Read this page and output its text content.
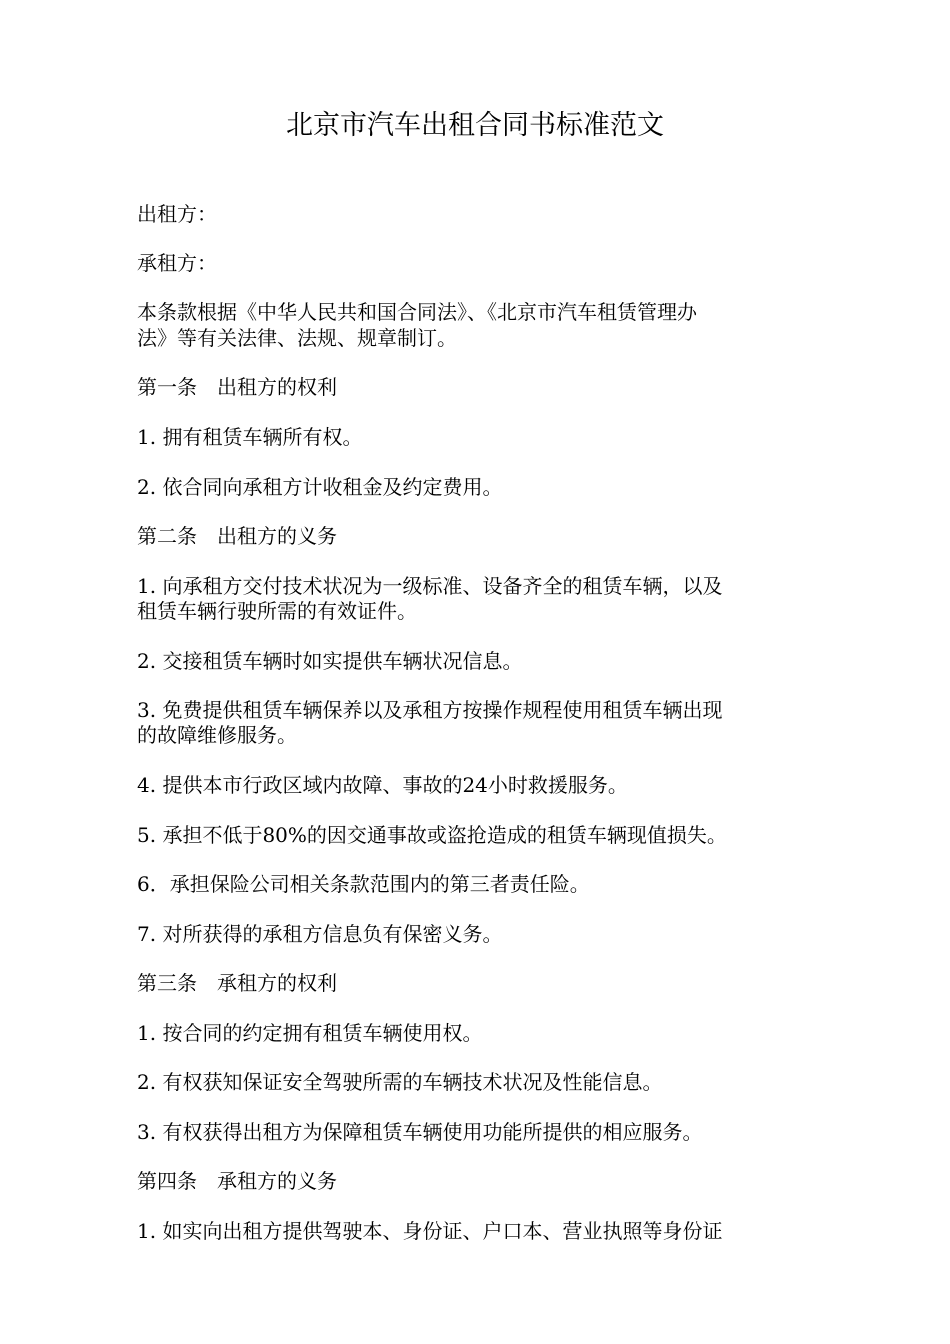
北京市汽车出租合同书标准范文
出租方：
承租方：
本条款根据《中华人民共和国合同法》、《北京市汽车租赁管理办
法》等有关法律、法规、规章制订。
第一条　出租方的权利
1. 拥有租赁车辆所有权。
2. 依合同向承租方计收租金及约定费用。
第二条　出租方的义务
1. 向承租方交付技术状况为一级标准、设备齐全的租赁车辆，以及
租赁车辆行驶所需的有效证件。
2. 交接租赁车辆时如实提供车辆状况信息。
3. 免费提供租赁车辆保养以及承租方按操作规程使用租赁车辆出现
的故障维修服务。
4. 提供本市行政区域内故障、事故的24小时救援服务。
5. 承担不低于80%的因交通事故或盗抢造成的租赁车辆现值损失。
6．承担保险公司相关条款范围内的第三者责任险。
7. 对所获得的承租方信息负有保密义务。
第三条　承租方的权利
1. 按合同的约定拥有租赁车辆使用权。
2. 有权获知保证安全驾驶所需的车辆技术状况及性能信息。
3. 有权获得出租方为保障租赁车辆使用功能所提供的相应服务。
第四条　承租方的义务
1. 如实向出租方提供驾驶本、身份证、户口本、营业执照等身份证
